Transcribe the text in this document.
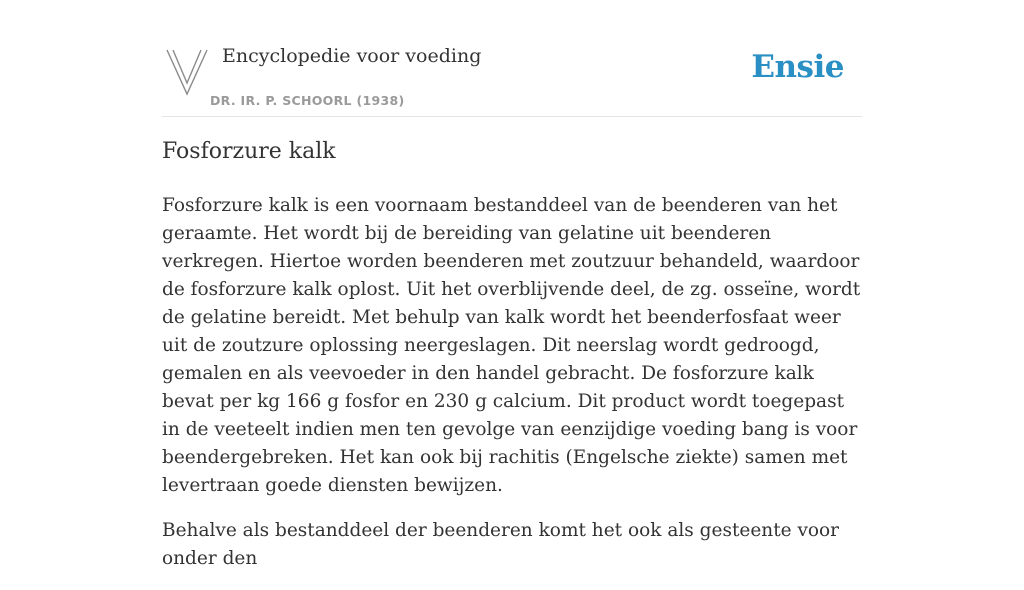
Encyclopedie voor voeding
DR. IR. P. SCHOORL (1938)
Ensie
Fosforzure kalk

Fosforzure kalk is een voornaam bestanddeel van de beenderen van het geraamte. Het wordt bij de bereiding van gelatine uit beenderen verkregen. Hiertoe worden beenderen met zoutzuur behandeld, waardoor de fosforzure kalk oplost. Uit het overblijvende deel, de zg. osseïne, wordt de gelatine bereidt. Met behulp van kalk wordt het beenderfosfaat weer uit de zoutzure oplossing neergeslagen. Dit neerslag wordt gedroogd, gemalen en als veevoeder in den handel gebracht. De fosforzure kalk bevat per kg 166 g fosfor en 230 g calcium. Dit product wordt toegepast in de veeteelt indien men ten gevolge van eenzijdige voeding bang is voor beendergebreken. Het kan ook bij rachitis (Engelsche ziekte) samen met levertraan goede diensten bewijzen.

Behalve als bestanddeel der beenderen komt het ook als gesteente voor onder den
